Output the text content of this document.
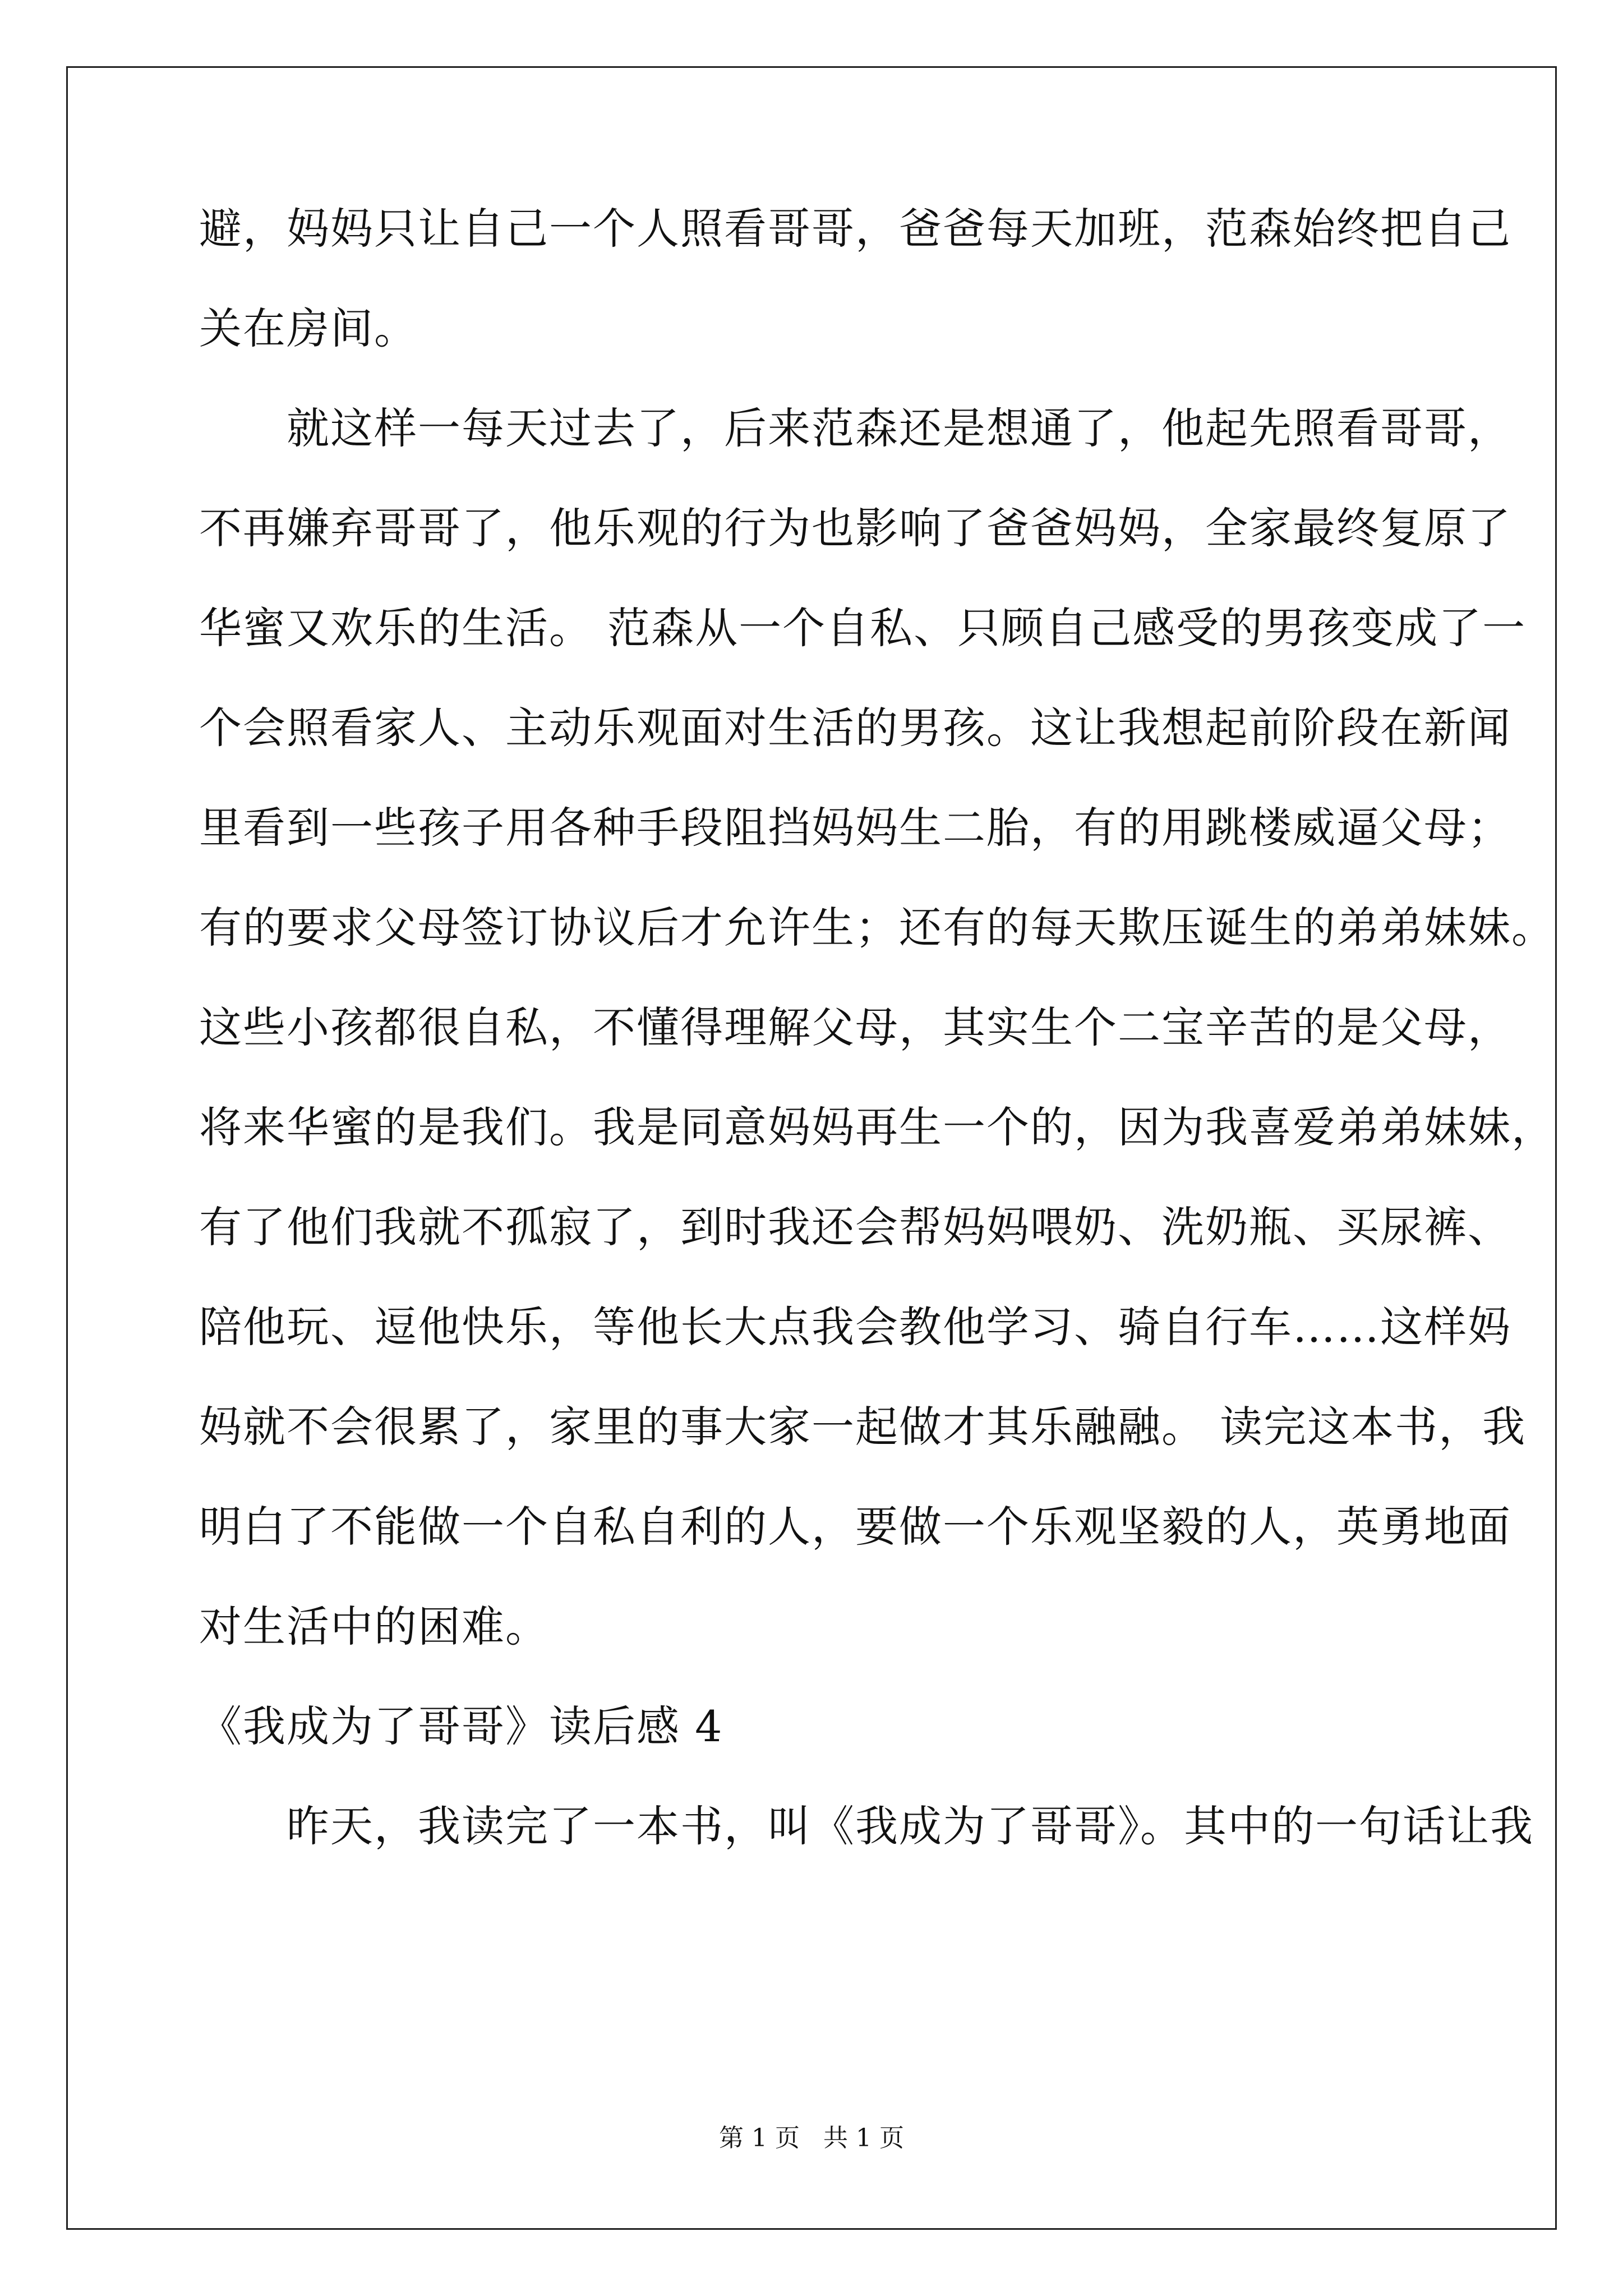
避，妈妈只让自己一个人照看哥哥，爸爸每天加班，范森始终把自己
关在房间。
　　就这样一每天过去了，后来范森还是想通了，他起先照看哥哥，
不再嫌弃哥哥了，他乐观的行为也影响了爸爸妈妈，全家最终复原了
华蜜又欢乐的生活。 范森从一个自私、只顾自己感受的男孩变成了一
个会照看家人、主动乐观面对生活的男孩。这让我想起前阶段在新闻
里看到一些孩子用各种手段阻挡妈妈生二胎，有的用跳楼威逼父母；
有的要求父母签订协议后才允许生；还有的每天欺压诞生的弟弟妹妹。
这些小孩都很自私，不懂得理解父母，其实生个二宝辛苦的是父母，
将来华蜜的是我们。我是同意妈妈再生一个的，因为我喜爱弟弟妹妹，
有了他们我就不孤寂了，到时我还会帮妈妈喂奶、洗奶瓶、买尿裤、
陪他玩、逗他快乐，等他长大点我会教他学习、骑自行车……这样妈
妈就不会很累了，家里的事大家一起做才其乐融融。 读完这本书，我
明白了不能做一个自私自利的人，要做一个乐观坚毅的人，英勇地面
对生活中的困难。
《我成为了哥哥》读后感 4
　　昨天，我读完了一本书，叫《我成为了哥哥》。其中的一句话让我
第 1 页   共 1 页
